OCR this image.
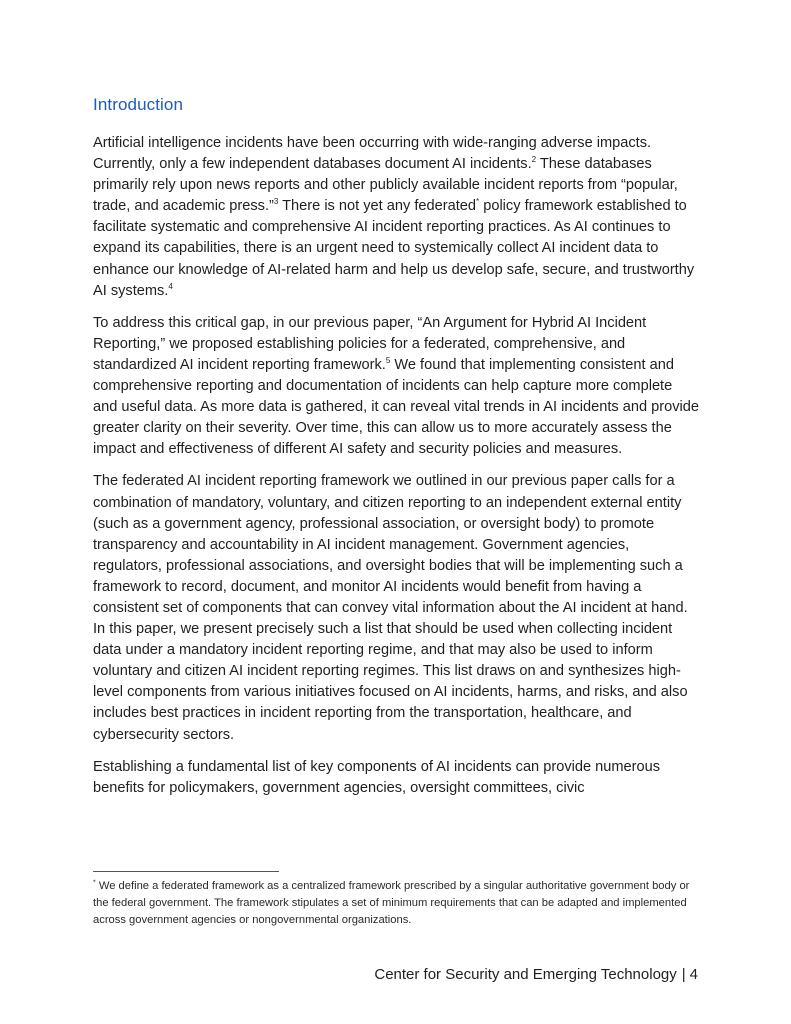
Introduction

Artificial intelligence incidents have been occurring with wide-ranging adverse impacts. Currently, only a few independent databases document AI incidents.$^2$ These databases primarily rely upon news reports and other publicly available incident reports from “popular, trade, and academic press.”$^3$ There is not yet any federated* policy framework established to facilitate systematic and comprehensive AI incident reporting practices. As AI continues to expand its capabilities, there is an urgent need to systemically collect AI incident data to enhance our knowledge of AI-related harm and help us develop safe, secure, and trustworthy AI systems.$^4$

To address this critical gap, in our previous paper, “An Argument for Hybrid AI Incident Reporting,” we proposed establishing policies for a federated, comprehensive, and standardized AI incident reporting framework.$^5$ We found that implementing consistent and comprehensive reporting and documentation of incidents can help capture more complete and useful data. As more data is gathered, it can reveal vital trends in AI incidents and provide greater clarity on their severity. Over time, this can allow us to more accurately assess the impact and effectiveness of different AI safety and security policies and measures.

The federated AI incident reporting framework we outlined in our previous paper calls for a combination of mandatory, voluntary, and citizen reporting to an independent external entity (such as a government agency, professional association, or oversight body) to promote transparency and accountability in AI incident management. Government agencies, regulators, professional associations, and oversight bodies that will be implementing such a framework to record, document, and monitor AI incidents would benefit from having a consistent set of components that can convey vital information about the AI incident at hand. In this paper, we present precisely such a list that should be used when collecting incident data under a mandatory incident reporting regime, and that may also be used to inform voluntary and citizen AI incident reporting regimes. This list draws on and synthesizes high-level components from various initiatives focused on AI incidents, harms, and risks, and also includes best practices in incident reporting from the transportation, healthcare, and cybersecurity sectors.

Establishing a fundamental list of key components of AI incidents can provide numerous benefits for policymakers, government agencies, oversight committees, civic

* We define a federated framework as a centralized framework prescribed by a singular authoritative government body or the federal government. The framework stipulates a set of minimum requirements that can be adapted and implemented across government agencies or nongovernmental organizations.

Center for Security and Emerging Technology | 4
